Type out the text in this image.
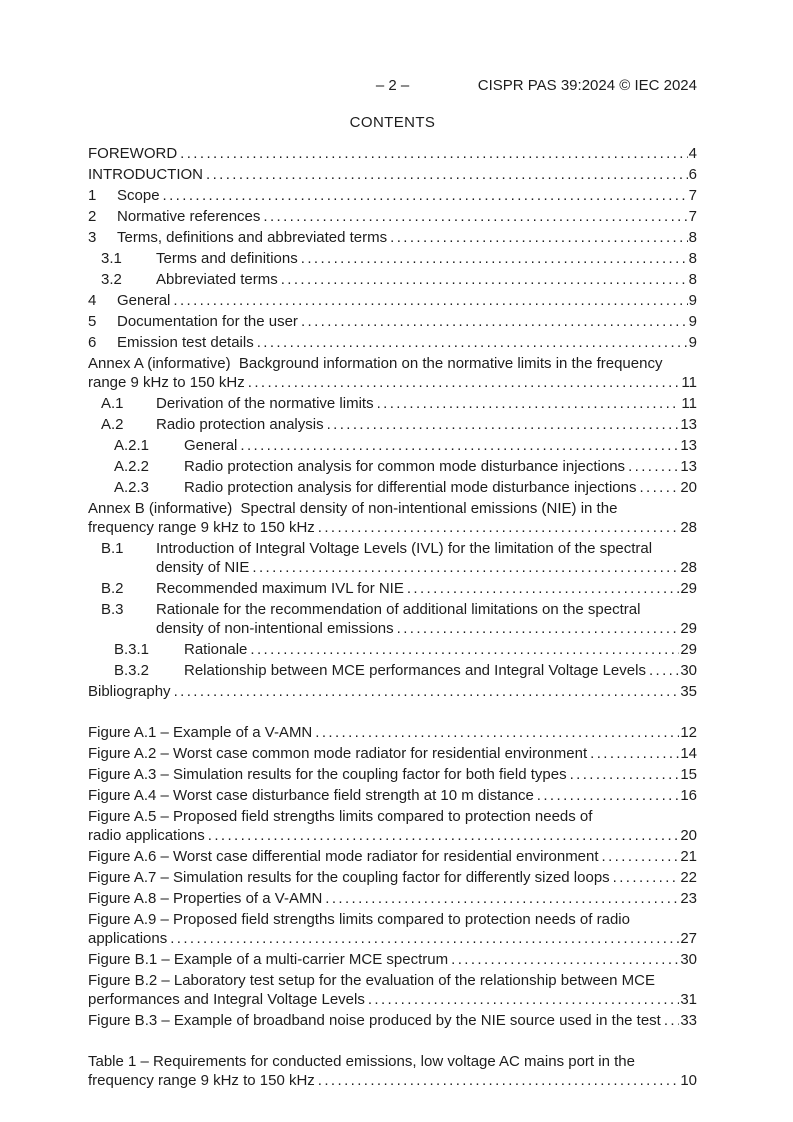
– 2 –	CISPR PAS 39:2024 © IEC 2024
CONTENTS
FOREWORD .....	4
INTRODUCTION .....	6
1 Scope .....	7
2 Normative references .....	7
3 Terms, definitions and abbreviated terms .....	8
3.1 Terms and definitions .....	8
3.2 Abbreviated terms .....	8
4 General .....	9
5 Documentation for the user .....	9
6 Emission test details .....	9
Annex A (informative)  Background information on the normative limits in the frequency
range 9 kHz to 150 kHz .....	11
A.1 Derivation of the normative limits .....	11
A.2 Radio protection analysis .....	13
A.2.1 General .....	13
A.2.2 Radio protection analysis for common mode disturbance injections .....	13
A.2.3 Radio protection analysis for differential mode disturbance injections .....	20
Annex B (informative)  Spectral density of non-intentional emissions (NIE) in the
frequency range 9 kHz to 150 kHz .....	28
B.1 Introduction of Integral Voltage Levels (IVL) for the limitation of the spectral
density of NIE .....	28
B.2 Recommended maximum IVL for NIE .....	29
B.3 Rationale for the recommendation of additional limitations on the spectral
density of non-intentional emissions .....	29
B.3.1 Rationale .....	29
B.3.2 Relationship between MCE performances and Integral Voltage Levels ..... 30
Bibliography .....	35
Figure A.1 – Example of a V-AMN .....	12
Figure A.2 – Worst case common mode radiator for residential environment .....	14
Figure A.3 – Simulation results for the coupling factor for both field types .....	15
Figure A.4 – Worst case disturbance field strength at 10 m distance .....	16
Figure A.5 – Proposed field strengths limits compared to protection needs of
radio applications .....	20
Figure A.6 – Worst case differential mode radiator for residential environment .....	21
Figure A.7 – Simulation results for the coupling factor for differently sized loops .....	22
Figure A.8 – Properties of a V-AMN .....	23
Figure A.9 – Proposed field strengths limits compared to protection needs of radio
applications .....	27
Figure B.1 – Example of a multi-carrier MCE spectrum .....	30
Figure B.2 – Laboratory test setup for the evaluation of the relationship between MCE
performances and Integral Voltage Levels .....	31
Figure B.3 – Example of broadband noise produced by the NIE source used in the test ..... 33
Table 1 – Requirements for conducted emissions, low voltage AC mains port in the
frequency range 9 kHz to 150 kHz .....	10
